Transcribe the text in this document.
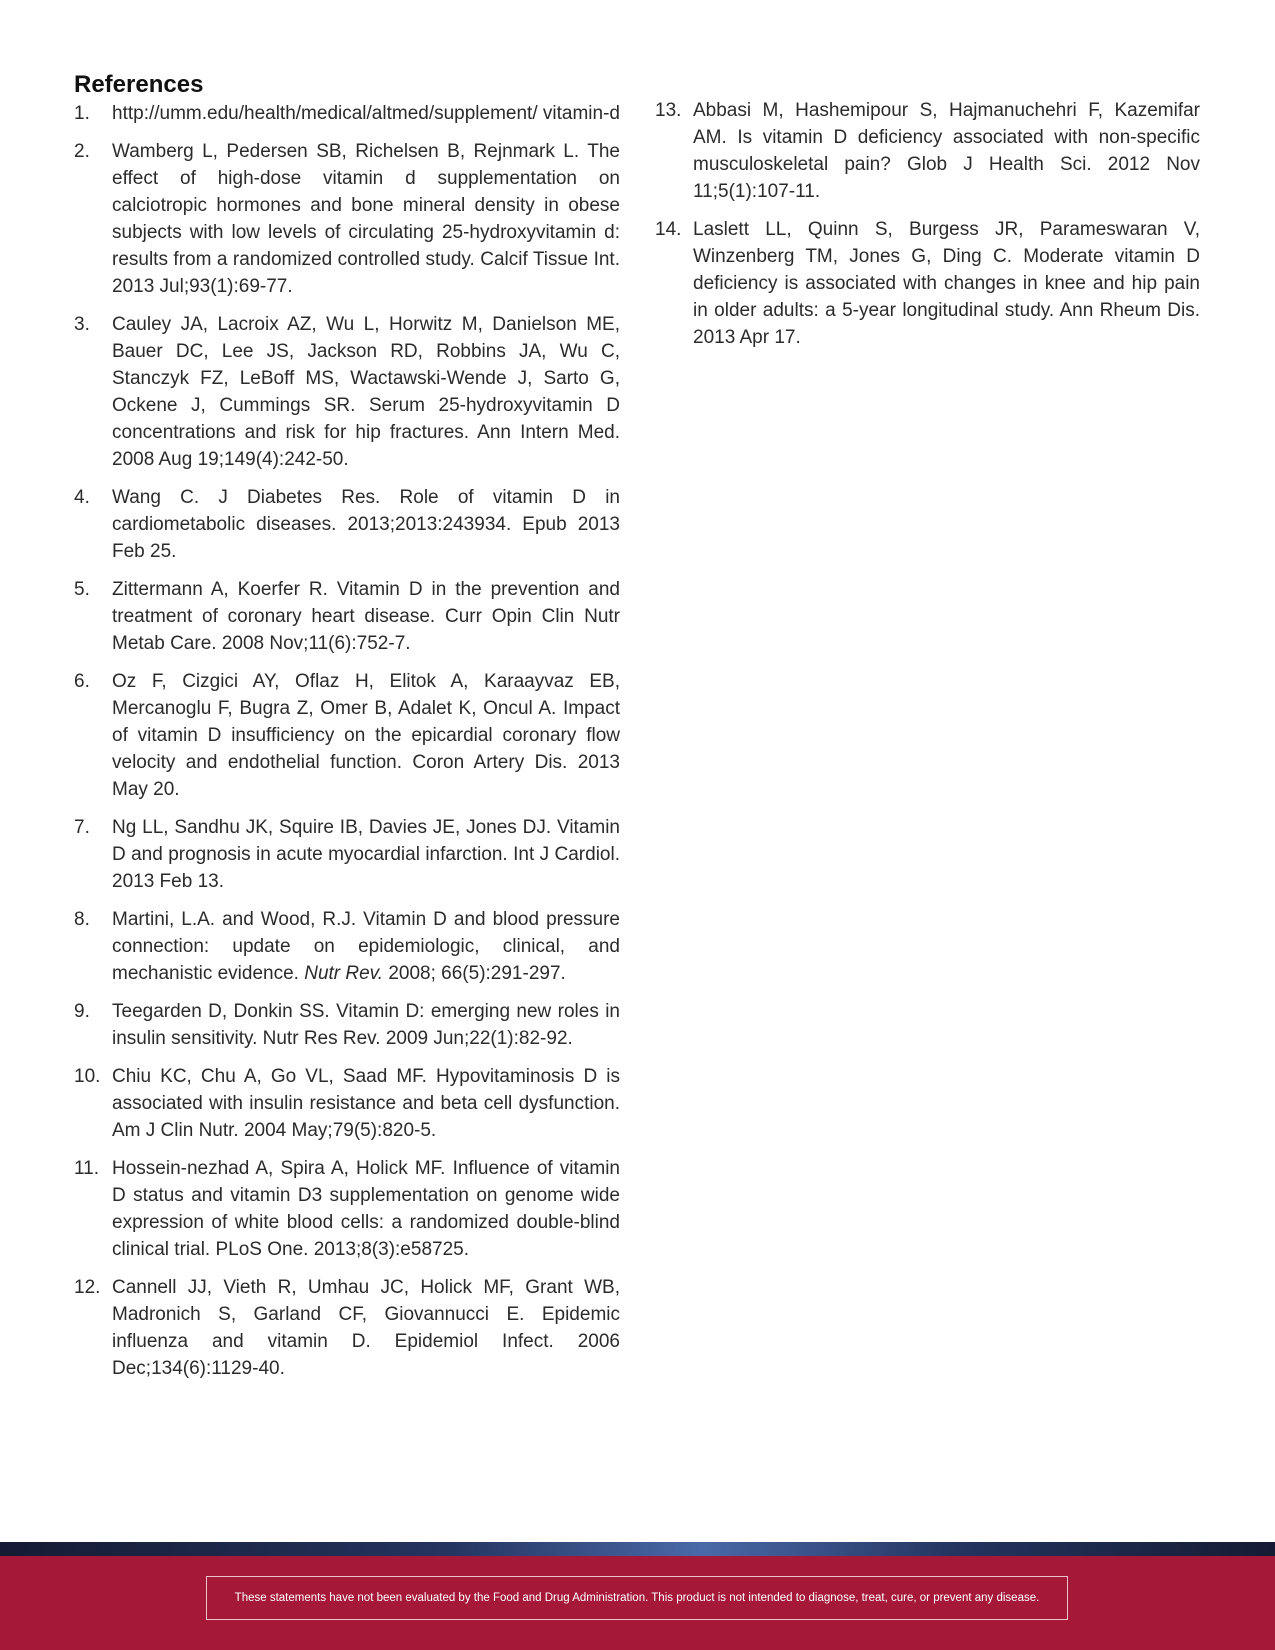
References
1. http://umm.edu/health/medical/altmed/supplement/ vitamin-d
2. Wamberg L, Pedersen SB, Richelsen B, Rejnmark L. The effect of high-dose vitamin d supplementation on calciotropic hormones and bone mineral density in obese subjects with low levels of circulating 25-hydroxyvitamin d: results from a randomized controlled study. Calcif Tissue Int. 2013 Jul;93(1):69-77.
3. Cauley JA, Lacroix AZ, Wu L, Horwitz M, Danielson ME, Bauer DC, Lee JS, Jackson RD, Robbins JA, Wu C, Stanczyk FZ, LeBoff MS, Wactawski-Wende J, Sarto G, Ockene J, Cummings SR. Serum 25-hydroxyvitamin D concentrations and risk for hip fractures. Ann Intern Med. 2008 Aug 19;149(4):242-50.
4. Wang C. J Diabetes Res. Role of vitamin D in cardiometabolic diseases. 2013;2013:243934. Epub 2013 Feb 25.
5. Zittermann A, Koerfer R. Vitamin D in the prevention and treatment of coronary heart disease. Curr Opin Clin Nutr Metab Care. 2008 Nov;11(6):752-7.
6. Oz F, Cizgici AY, Oflaz H, Elitok A, Karaayvaz EB, Mercanoglu F, Bugra Z, Omer B, Adalet K, Oncul A. Impact of vitamin D insufficiency on the epicardial coronary flow velocity and endothelial function. Coron Artery Dis. 2013 May 20.
7. Ng LL, Sandhu JK, Squire IB, Davies JE, Jones DJ. Vitamin D and prognosis in acute myocardial infarction. Int J Cardiol. 2013 Feb 13.
8. Martini, L.A. and Wood, R.J. Vitamin D and blood pressure connection: update on epidemiologic, clinical, and mechanistic evidence. Nutr Rev. 2008; 66(5):291-297.
9. Teegarden D, Donkin SS. Vitamin D: emerging new roles in insulin sensitivity. Nutr Res Rev. 2009 Jun;22(1):82-92.
10. Chiu KC, Chu A, Go VL, Saad MF. Hypovitaminosis D is associated with insulin resistance and beta cell dysfunction. Am J Clin Nutr. 2004 May;79(5):820-5.
11. Hossein-nezhad A, Spira A, Holick MF. Influence of vitamin D status and vitamin D3 supplementation on genome wide expression of white blood cells: a randomized double-blind clinical trial. PLoS One. 2013;8(3):e58725.
12. Cannell JJ, Vieth R, Umhau JC, Holick MF, Grant WB, Madronich S, Garland CF, Giovannucci E. Epidemic influenza and vitamin D. Epidemiol Infect. 2006 Dec;134(6):1129-40.
13. Abbasi M, Hashemipour S, Hajmanuchehri F, Kazemifar AM. Is vitamin D deficiency associated with non-specific musculoskeletal pain? Glob J Health Sci. 2012 Nov 11;5(1):107-11.
14. Laslett LL, Quinn S, Burgess JR, Parameswaran V, Winzenberg TM, Jones G, Ding C. Moderate vitamin D deficiency is associated with changes in knee and hip pain in older adults: a 5-year longitudinal study. Ann Rheum Dis. 2013 Apr 17.
These statements have not been evaluated by the Food and Drug Administration. This product is not intended to diagnose, treat, cure, or prevent any disease.
